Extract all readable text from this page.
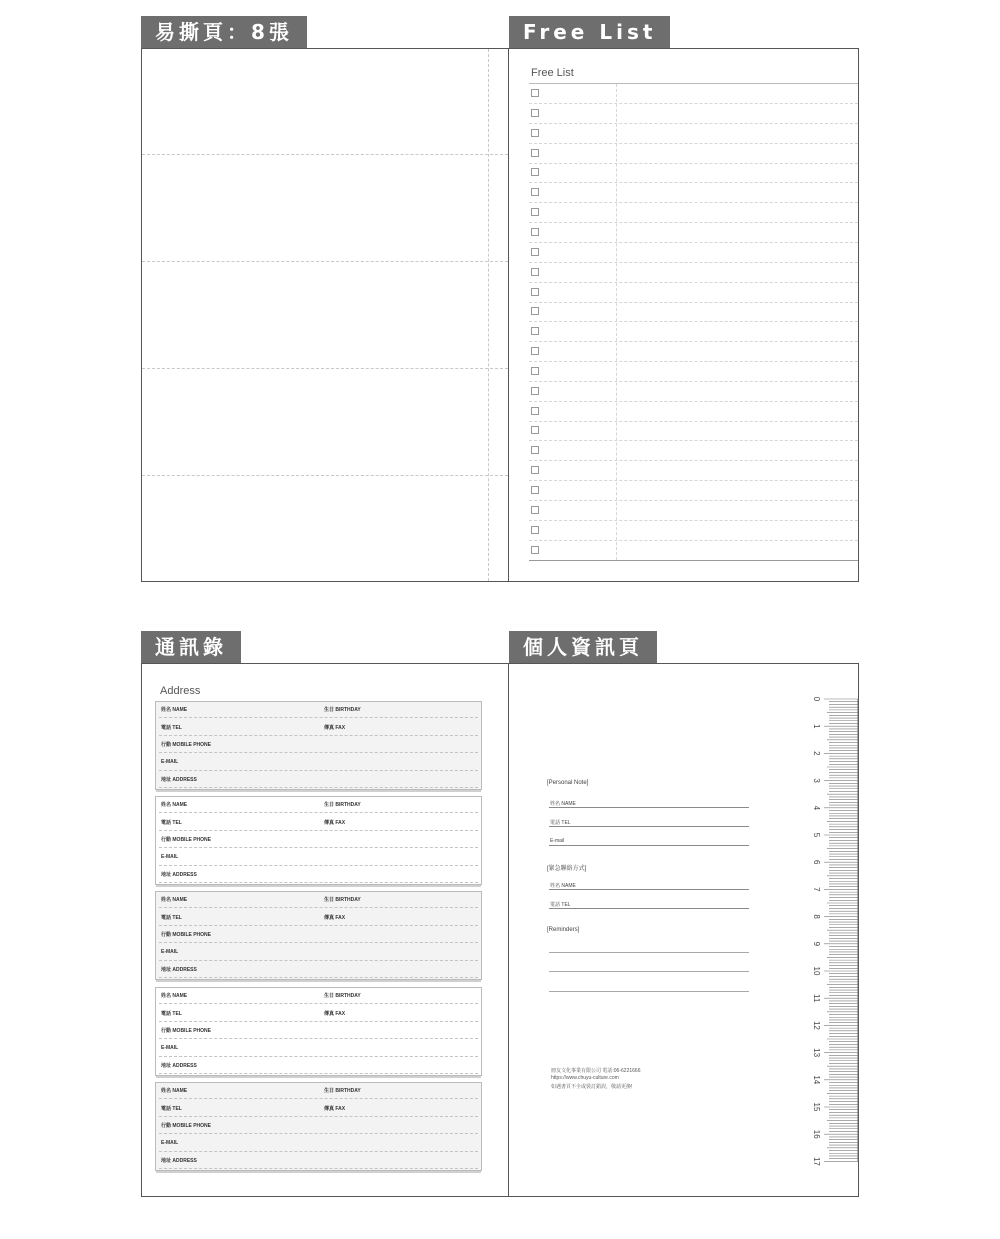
易撕頁：8張	Free List
Free List
通訊錄
Address
姓名 NAME	生日 BIRTHDAY
電話 TEL	傳真 FAX
行動 MOBILE PHONE
E-MAIL
地址 ADDRESS
姓名 NAME	生日 BIRTHDAY
電話 TEL	傳真 FAX
行動 MOBILE PHONE
E-MAIL
地址 ADDRESS
姓名 NAME	生日 BIRTHDAY
電話 TEL	傳真 FAX
行動 MOBILE PHONE
E-MAIL
地址 ADDRESS
姓名 NAME	生日 BIRTHDAY
電話 TEL	傳真 FAX
行動 MOBILE PHONE
E-MAIL
地址 ADDRESS
姓名 NAME	生日 BIRTHDAY
電話 TEL	傳真 FAX
行動 MOBILE PHONE
E-MAIL
地址 ADDRESS
個人資訊頁
[Personal Note]
姓名 NAME
電話 TEL
E-mail
[緊急聯絡方式]
姓名 NAME
電話 TEL
[Reminders]
冊友文化事業有限公司 電話:06-6221666
https://www.chuyu-culture.com
如遇書頁不全或裝訂錯誤，敬請更換!
0
1
2
3
4
5
6
7
8
9
10
11
12
13
14
15
16
17
